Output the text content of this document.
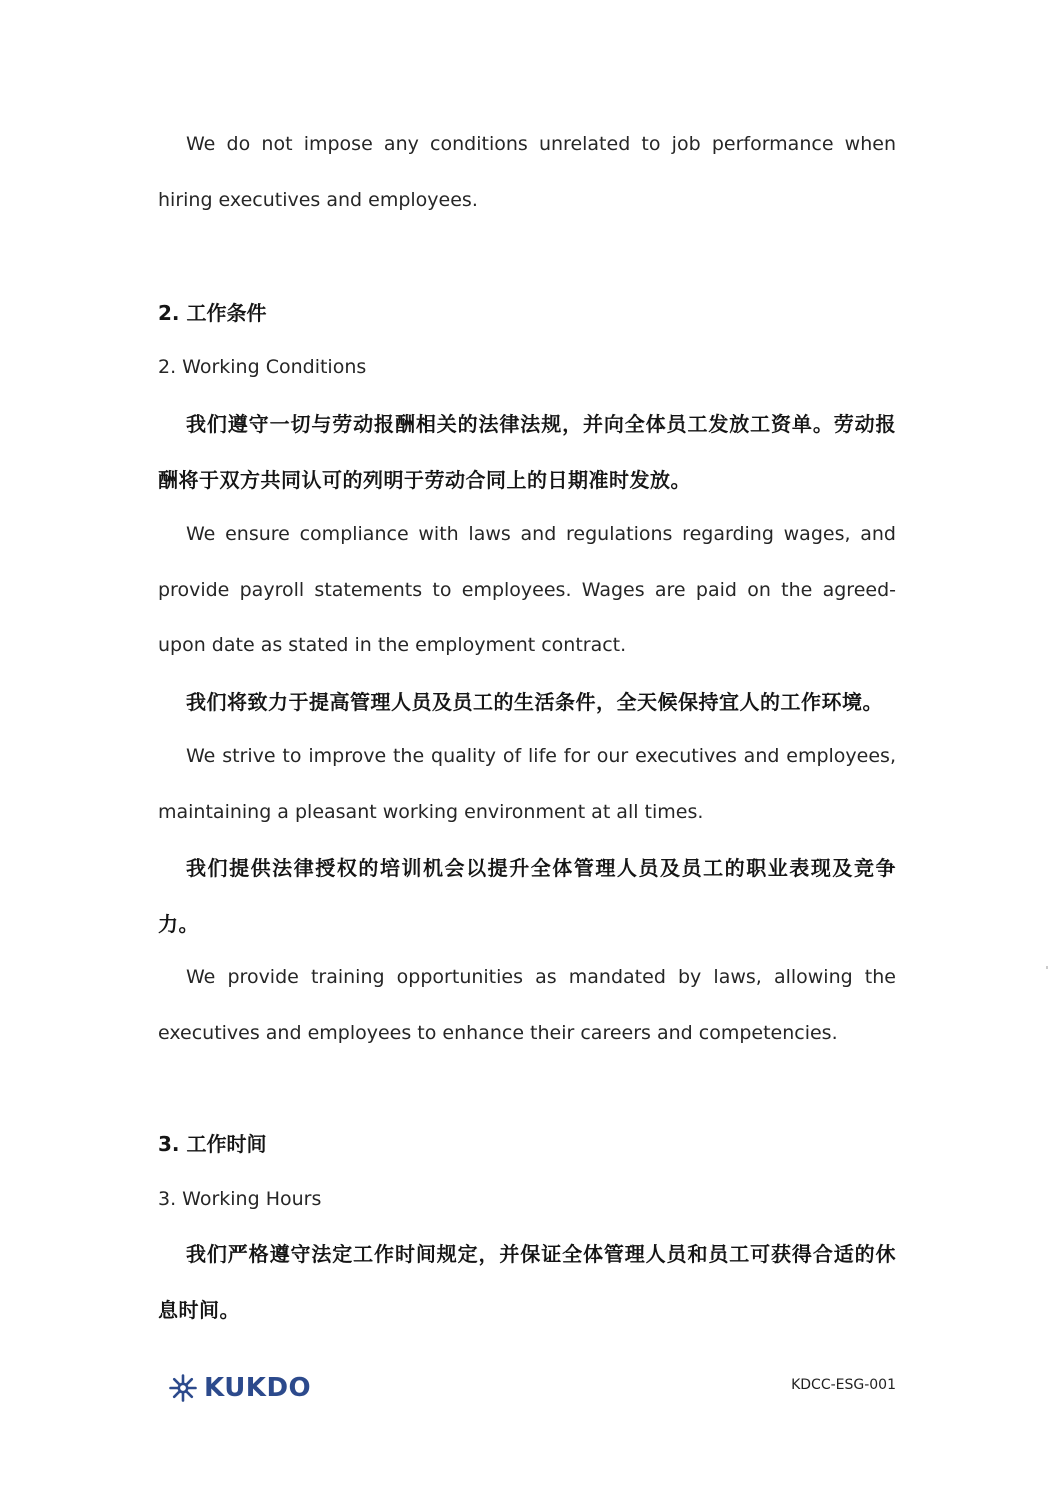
We do not impose any conditions unrelated to job performance when hiring executives and employees.

2. 工作条件
2. Working Conditions

我们遵守一切与劳动报酬相关的法律法规，并向全体员工发放工资单。劳动报酬将于双方共同认可的列明于劳动合同上的日期准时发放。

We ensure compliance with laws and regulations regarding wages, and provide payroll statements to employees. Wages are paid on the agreed-upon date as stated in the employment contract.

我们将致力于提高管理人员及员工的生活条件，全天候保持宜人的工作环境。

We strive to improve the quality of life for our executives and employees, maintaining a pleasant working environment at all times.

我们提供法律授权的培训机会以提升全体管理人员及员工的职业表现及竞争力。

We provide training opportunities as mandated by laws, allowing the executives and employees to enhance their careers and competencies.

3. 工作时间
3. Working Hours

我们严格遵守法定工作时间规定，并保证全体管理人员和员工可获得合适的休息时间。

KUKDO	KDCC-ESG-001
